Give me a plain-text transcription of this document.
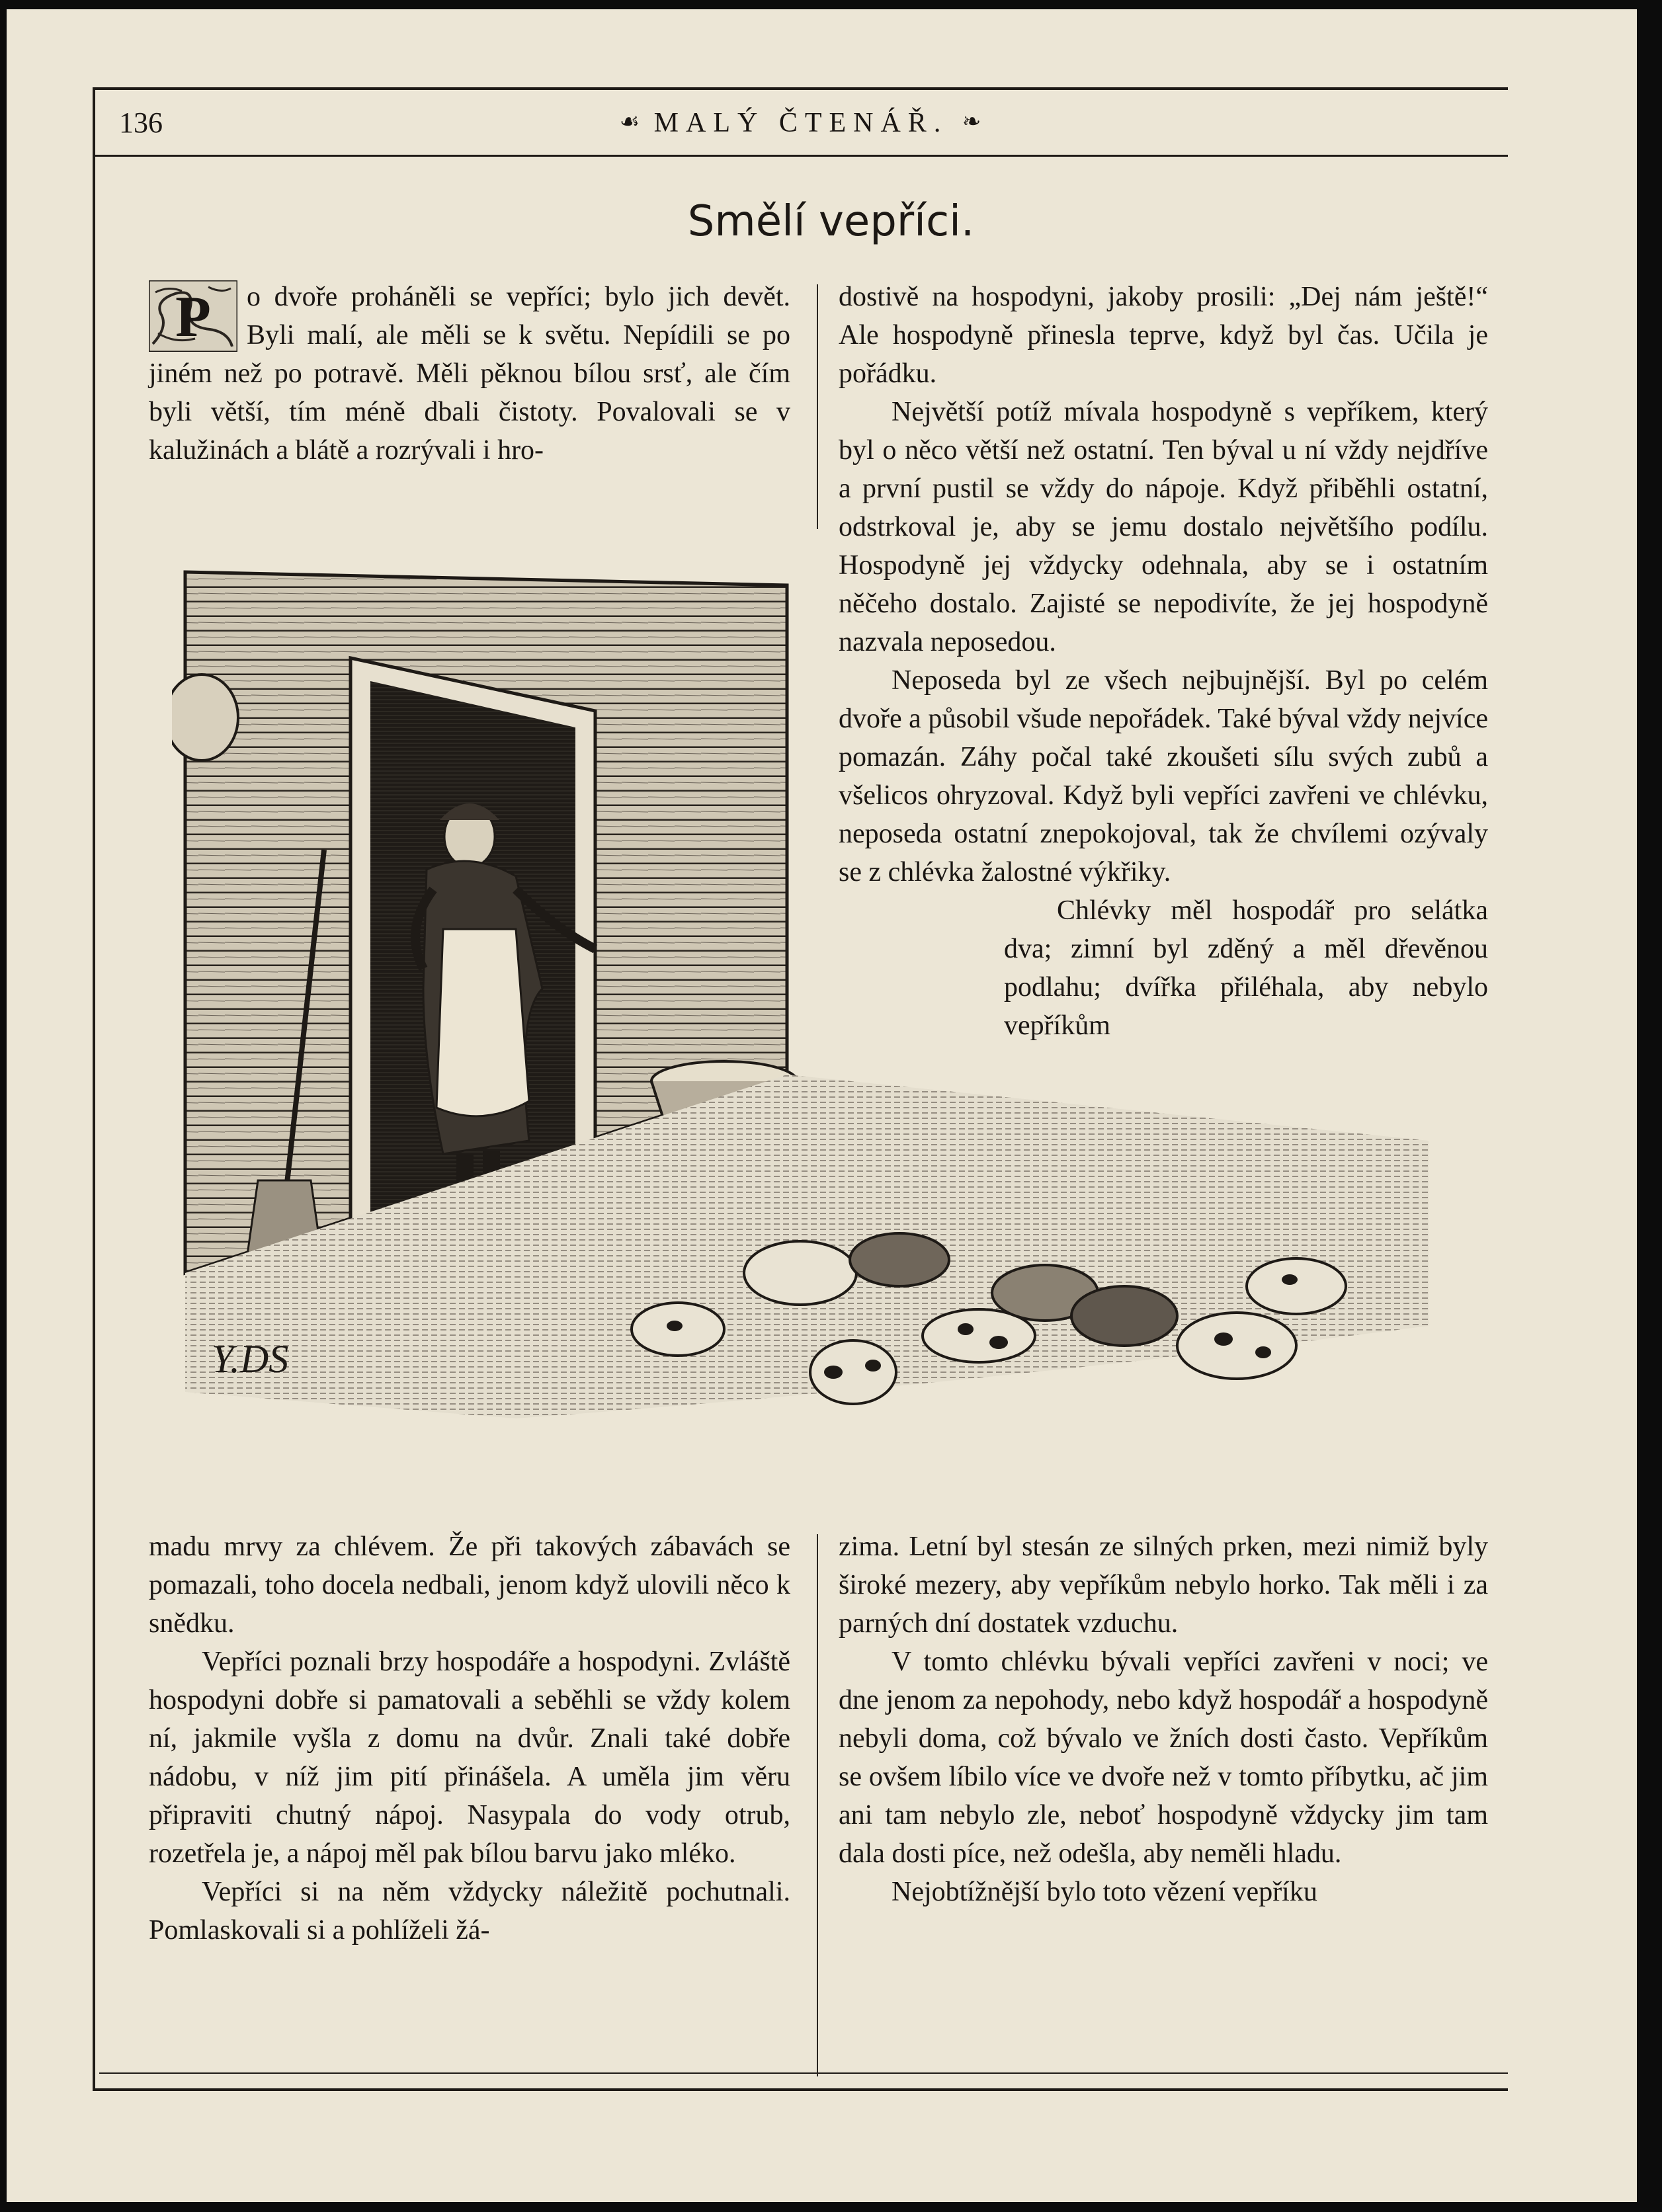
136	☙ MALÝ ČTENÁŘ. ❧
Smělí vepříci.
P	o dvoře proháněli se vepříci; bylo jich devět. Byli malí, ale měli se k světu. Nepídili se po jiném než po potravě. Měli pěknou bílou srsť, ale čím byli větší, tím méně dbali čistoty. Povalovali se v kalužinách a blátě a rozrývali i hro-

dostivě na hospodyni, jakoby prosili: „Dej nám ještě!“ Ale hospodyně přinesla teprve, když byl čas. Učila je pořádku.

Největší potíž mívala hospodyně s vepříkem, který byl o něco větší než ostatní. Ten býval u ní vždy nejdříve a první pustil se vždy do nápoje. Když přiběhli ostatní, odstrkoval je, aby se jemu dostalo největšího podílu. Hospodyně jej vždycky odehnala, aby se i ostatním něčeho dostalo. Zajisté se nepodivíte, že jej hospodyně nazvala neposedou.

Neposeda byl ze všech nejbujnější. Byl po celém dvoře a působil všude nepořádek. Také býval vždy nejvíce pomazán. Záhy počal také zkoušeti sílu svých zubů a všelicos ohryzoval. Když byli vepříci zavřeni ve chlévku, neposeda ostatní znepokojoval, tak že chvílemi ozývaly se z chlévka žalostné výkřiky.

Chlévky měl hospodář pro selátka dva; zimní byl zděný a měl dřevěnou podlahu; dvířka přiléhala, aby nebylo vepříkům

Y.DS

madu mrvy za chlévem. Že při takových zábavách se pomazali, toho docela nedbali, jenom když ulovili něco k snědku.

Vepříci poznali brzy hospodáře a hospodyni. Zvláště hospodyni dobře si pamatovali a seběhli se vždy kolem ní, jakmile vyšla z domu na dvůr. Znali také dobře nádobu, v níž jim pití přinášela. A uměla jim věru připraviti chutný nápoj. Nasypala do vody otrub, rozetřela je, a nápoj měl pak bílou barvu jako mléko.

Vepříci si na něm vždycky náležitě pochutnali. Pomlaskovali si a pohlíželi žá-

zima. Letní byl stesán ze silných prken, mezi nimiž byly široké mezery, aby vepříkům nebylo horko. Tak měli i za parných dní dostatek vzduchu.

V tomto chlévku bývali vepříci zavřeni v noci; ve dne jenom za nepohody, nebo když hospodář a hospodyně nebyli doma, což bývalo ve žních dosti často. Vepříkům se ovšem líbilo více ve dvoře než v tomto příbytku, ač jim ani tam nebylo zle, neboť hospodyně vždycky jim tam dala dosti píce, než odešla, aby neměli hladu.

Nejobtížnější bylo toto vězení vepříku
